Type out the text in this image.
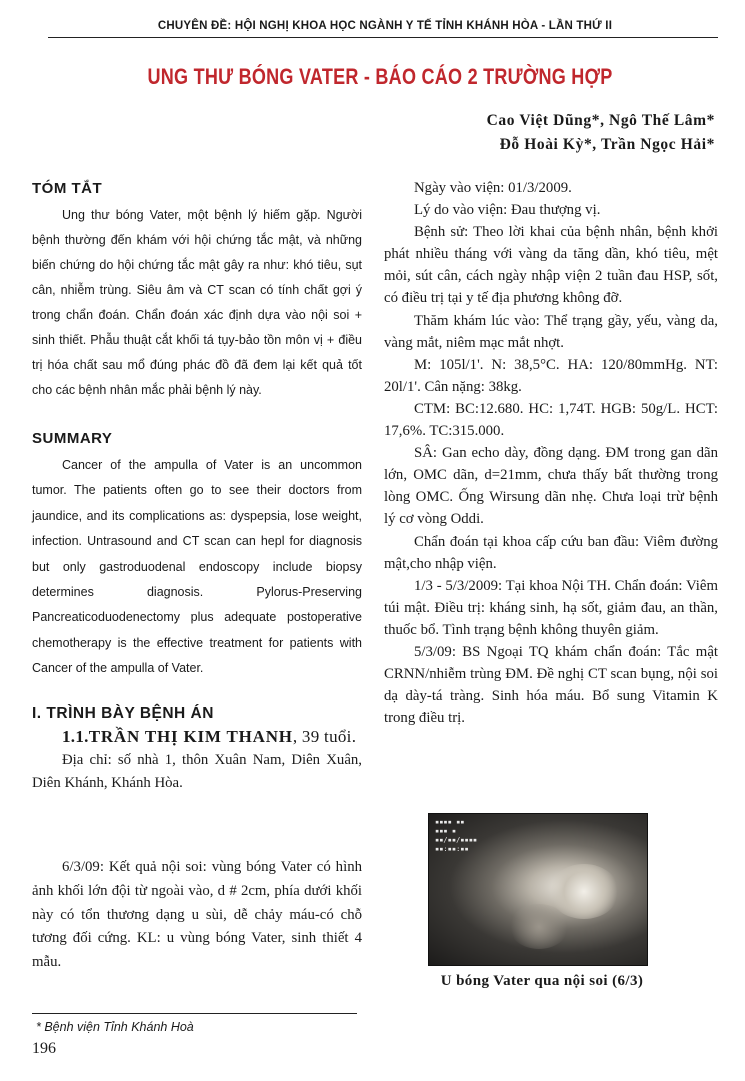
CHUYÊN ĐỀ: HỘI NGHỊ KHOA HỌC NGÀNH Y TẾ TỈNH KHÁNH HÒA - LẦN THỨ II
UNG THƯ BÓNG VATER - BÁO CÁO 2 TRƯỜNG HỢP
Cao Việt Dũng*, Ngô Thế Lâm*
Đỗ Hoài Kỳ*, Trần Ngọc Hải*
TÓM TẮT

Ung thư bóng Vater, một bệnh lý hiếm gặp. Người bệnh thường đến khám với hội chứng tắc mật, và những biến chứng do hội chứng tắc mật gây ra như: khó tiêu, sụt cân, nhiễm trùng. Siêu âm và CT scan có tính chất gợi ý trong chẩn đoán. Chẩn đoán xác định dựa vào nội soi + sinh thiết. Phẫu thuật cắt khối tá tụy-bảo tồn môn vị + điều trị hóa chất sau mổ đúng phác đồ đã đem lại kết quả tốt cho các bệnh nhân mắc phải bệnh lý này.

SUMMARY

Cancer of the ampulla of Vater is an uncommon tumor. The patients often go to see their doctors from jaundice, and its complications as: dyspepsia, lose weight, infection. Untrasound and CT scan can hepl for diagnosis but only gastroduodenal endoscopy include biopsy determines diagnosis. Pylorus-Preserving Pancreaticoduodenectomy plus adequate postoperative chemotherapy is the effective treatment for patients with Cancer of the ampulla of Vater.

I. TRÌNH BÀY BỆNH ÁN
1.1.TRẦN THỊ KIM THANH, 39 tuổi.

Địa chỉ: số nhà 1, thôn Xuân Nam, Diên Xuân, Diên Khánh, Khánh Hòa.

6/3/09: Kết quả nội soi: vùng bóng Vater có hình ảnh khối lớn đội từ ngoài vào, d # 2cm, phía dưới khối này có tổn thương dạng u sùi, dễ chảy máu-có chỗ tương đối cứng. KL: u vùng bóng Vater, sinh thiết 4 mẫu.

Ngày vào viện: 01/3/2009.

Lý do vào viện: Đau thượng vị.

Bệnh sử: Theo lời khai của bệnh nhân, bệnh khởi phát nhiều tháng với vàng da tăng dần, khó tiêu, mệt mỏi, sút cân, cách ngày nhập viện 2 tuần đau HSP, sốt, có điều trị tại y tế địa phương không đỡ.

Thăm khám lúc vào: Thể trạng gầy, yếu, vàng da, vàng mắt, niêm mạc mắt nhợt.

M: 105l/1'. N: 38,5°C. HA: 120/80mmHg. NT: 20l/1'. Cân nặng: 38kg.

CTM: BC:12.680. HC: 1,74T. HGB: 50g/L. HCT: 17,6%. TC:315.000.

SÂ: Gan echo dày, đồng dạng. ĐM trong gan dãn lớn, OMC dãn, d=21mm, chưa thấy bất thường trong lòng OMC. Ống Wirsung dãn nhẹ. Chưa loại trừ bệnh lý cơ vòng Oddi.

Chẩn đoán tại khoa cấp cứu ban đầu: Viêm đường mật,cho nhập viện.

1/3 - 5/3/2009: Tại khoa Nội TH. Chẩn đoán: Viêm túi mật. Điều trị: kháng sinh, hạ sốt, giảm đau, an thần, thuốc bổ. Tình trạng bệnh không thuyên giảm.

5/3/09: BS Ngoại TQ khám chẩn đoán: Tắc mật CRNN/nhiễm trùng ĐM. Đề nghị CT scan bụng, nội soi dạ dày-tá tràng. Sinh hóa máu. Bổ sung Vitamin K trong điều trị.

▪▪▪▪ ▪▪
▪▪▪ ▪
▪▪/▪▪/▪▪▪▪
▪▪:▪▪:▪▪
U bóng Vater qua nội soi (6/3)
* Bệnh viện Tỉnh Khánh Hoà
196
